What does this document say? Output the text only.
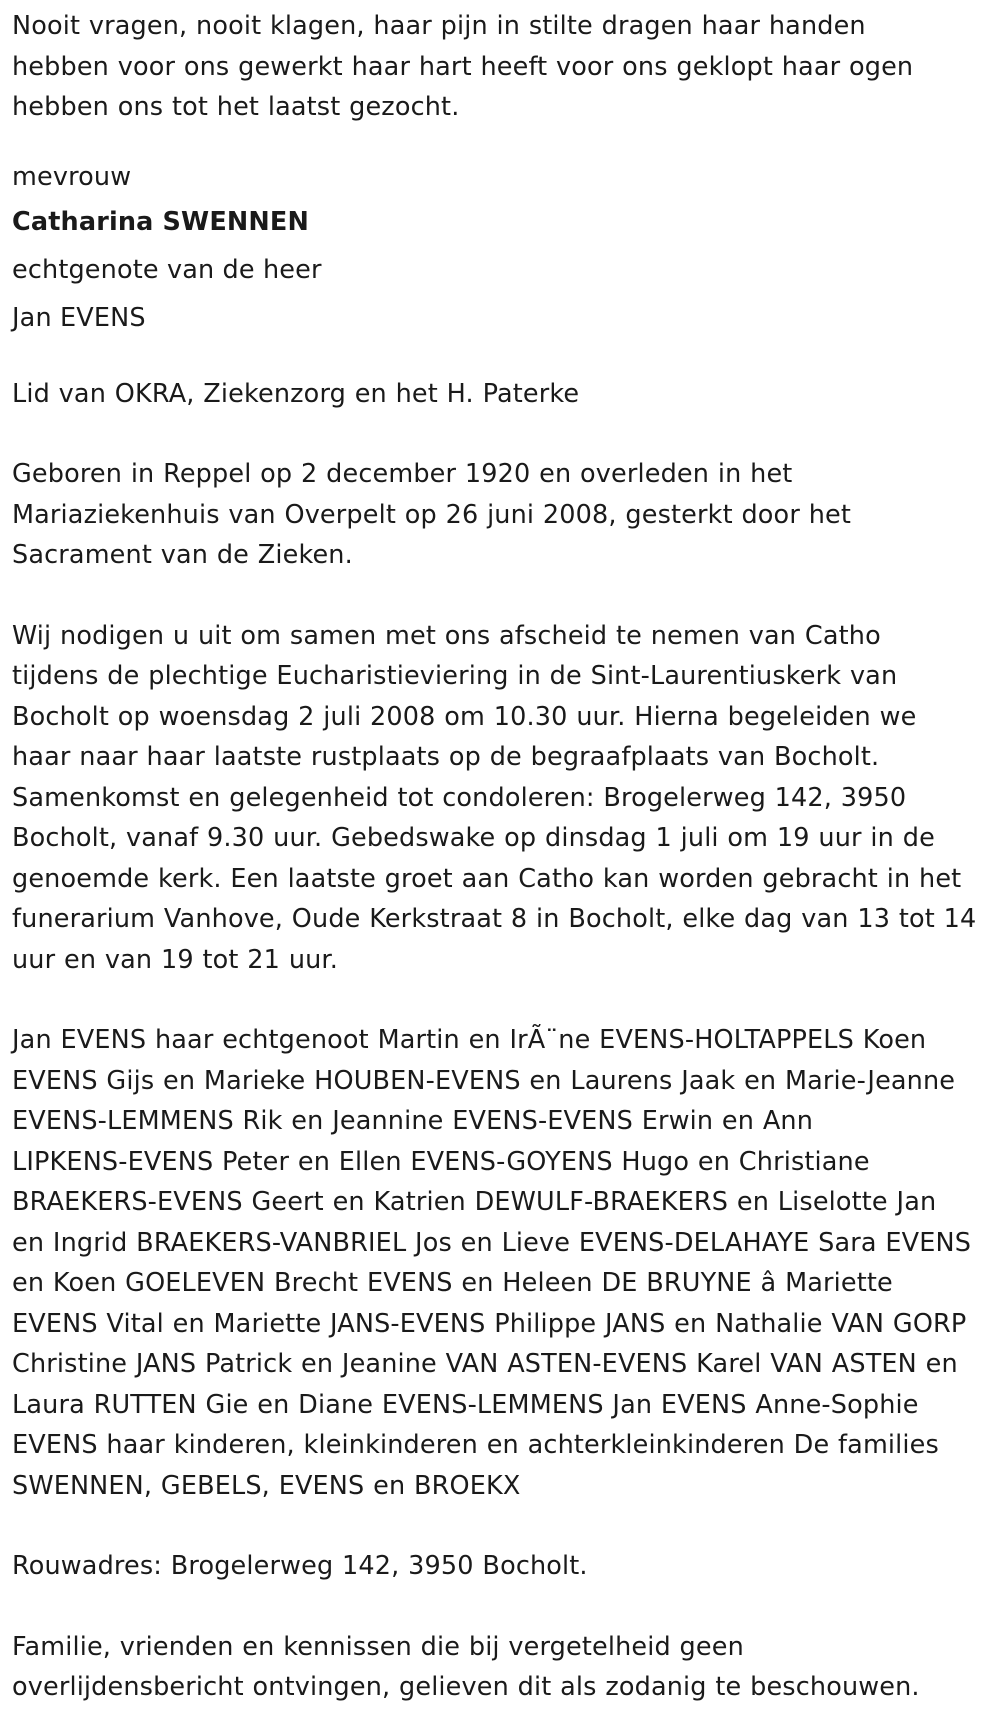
Nooit vragen, nooit klagen, haar pijn in stilte dragen haar handen
hebben voor ons gewerkt haar hart heeft voor ons geklopt haar ogen
hebben ons tot het laatst gezocht.

mevrouw
Catharina SWENNEN
echtgenote van de heer
Jan EVENS

Lid van OKRA, Ziekenzorg en het H. Paterke

Geboren in Reppel op 2 december 1920 en overleden in het
Mariaziekenhuis van Overpelt op 26 juni 2008, gesterkt door het
Sacrament van de Zieken.

Wij nodigen u uit om samen met ons afscheid te nemen van Catho
tijdens de plechtige Eucharistieviering in de Sint-Laurentiuskerk van
Bocholt op woensdag 2 juli 2008 om 10.30 uur. Hierna begeleiden we
haar naar haar laatste rustplaats op de begraafplaats van Bocholt.
Samenkomst en gelegenheid tot condoleren: Brogelerweg 142, 3950
Bocholt, vanaf 9.30 uur. Gebedswake op dinsdag 1 juli om 19 uur in de
genoemde kerk. Een laatste groet aan Catho kan worden gebracht in het
funerarium Vanhove, Oude Kerkstraat 8 in Bocholt, elke dag van 13 tot 14
uur en van 19 tot 21 uur.

Jan EVENS haar echtgenoot Martin en IrÃ¨ne EVENS-HOLTAPPELS Koen
EVENS Gijs en Marieke HOUBEN-EVENS en Laurens Jaak en Marie-Jeanne
EVENS-LEMMENS Rik en Jeannine EVENS-EVENS Erwin en Ann
LIPKENS-EVENS Peter en Ellen EVENS-GOYENS Hugo en Christiane
BRAEKERS-EVENS Geert en Katrien DEWULF-BRAEKERS en Liselotte Jan
en Ingrid BRAEKERS-VANBRIEL Jos en Lieve EVENS-DELAHAYE Sara EVENS
en Koen GOELEVEN Brecht EVENS en Heleen DE BRUYNE â Mariette
EVENS Vital en Mariette JANS-EVENS Philippe JANS en Nathalie VAN GORP
Christine JANS Patrick en Jeanine VAN ASTEN-EVENS Karel VAN ASTEN en
Laura RUTTEN Gie en Diane EVENS-LEMMENS Jan EVENS Anne-Sophie
EVENS haar kinderen, kleinkinderen en achterkleinkinderen De families
SWENNEN, GEBELS, EVENS en BROEKX

Rouwadres: Brogelerweg 142, 3950 Bocholt.

Familie, vrienden en kennissen die bij vergetelheid geen
overlijdensbericht ontvingen, gelieven dit als zodanig te beschouwen.
